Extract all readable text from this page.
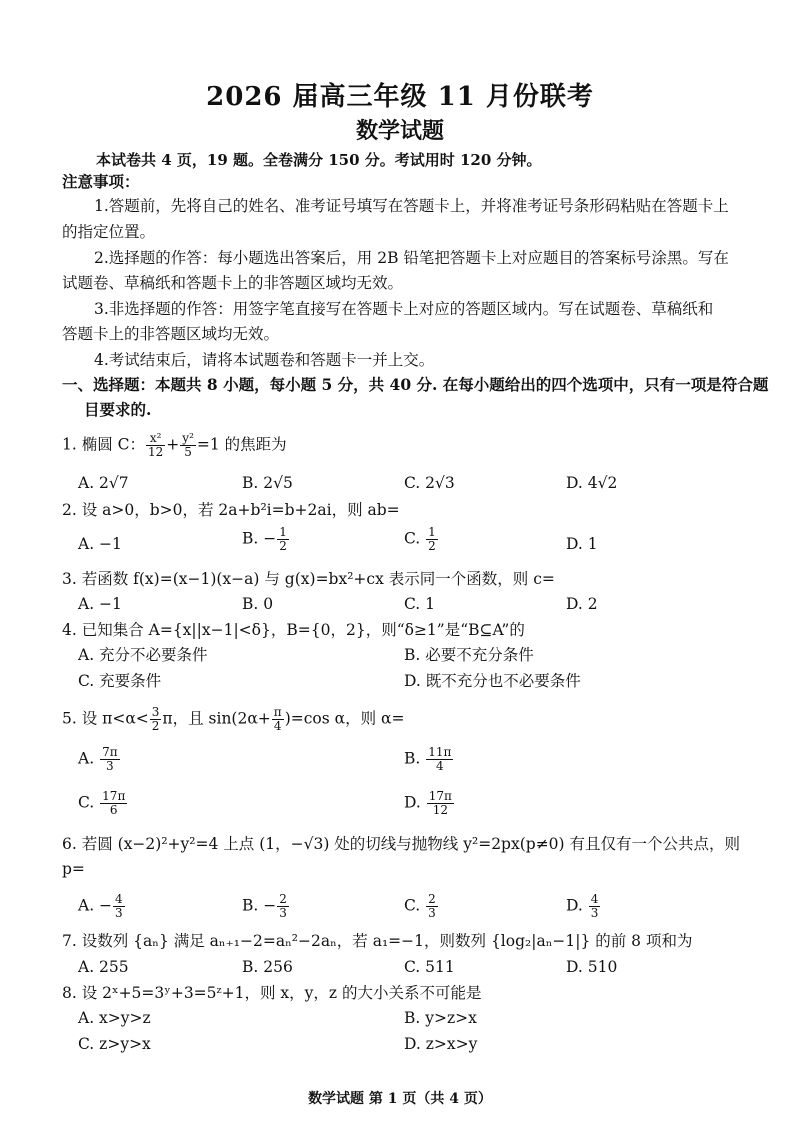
2026 届高三年级 11 月份联考
数学试题
本试卷共 4 页，19 题。全卷满分 150 分。考试用时 120 分钟。
注意事项：
1.答题前，先将自己的姓名、准考证号填写在答题卡上，并将准考证号条形码粘贴在答题卡上
的指定位置。
2.选择题的作答：每小题选出答案后，用 2B 铅笔把答题卡上对应题目的答案标号涂黑。写在
试题卷、草稿纸和答题卡上的非答题区域均无效。
3.非选择题的作答：用签字笔直接写在答题卡上对应的答题区域内。写在试题卷、草稿纸和
答题卡上的非答题区域均无效。
4.考试结束后，请将本试题卷和答题卡一并上交。
一、选择题：本题共 8 小题，每小题 5 分，共 40 分. 在每小题给出的四个选项中，只有一项是符合题
目要求的.
1. 椭圆 C： $\frac{\text{x²}}{12} + \frac{\text{y²}}{5} =1$ 的焦距为
A. 2√7	B. 2√5	C. 2√3	D. 4√2
2. 设 a>0，b>0，若 2a+b²i=b+2ai，则 ab=
A. −1	B. − $\frac{1}{2}$	C. $\frac{1}{2}$	D. 1
3. 若函数 f(x)=(x−1)(x−a) 与 g(x)=bx²+cx 表示同一个函数，则 c=
A. −1	B. 0	C. 1	D. 2
4. 已知集合 A={x||x−1|<δ}，B={0，2}，则“δ≥1”是“B⊆A”的
A. 充分不必要条件	B. 必要不充分条件
C. 充要条件	D. 既不充分也不必要条件
5. 设 $\pi<\alpha< \frac{3}{2}$ π，且 $\sin(2\alpha+ \frac{\pi}{4} )=\cos$ α，则 α=
A. $\frac{7\pi}{3}$	B. $\frac{11\pi}{4}$
C. $\frac{17\pi}{6}$	D. $\frac{17\pi}{12}$
6. 若圆 (x−2)²+y²=4 上点 (1，−√3) 处的切线与抛物线 y²=2px(p≠0) 有且仅有一个公共点，则
p=
A. − $\frac{4}{3}$	B. − $\frac{2}{3}$	C. $\frac{2}{3}$	D. $\frac{4}{3}$
7. 设数列 {aₙ} 满足 aₙ₊₁−2=aₙ²−2aₙ，若 a₁=−1，则数列 {log₂|aₙ−1|} 的前 8 项和为
A. 255	B. 256	C. 511	D. 510
8. 设 2ˣ+5=3ʸ+3=5ᶻ+1，则 x，y，z 的大小关系不可能是
A. x>y>z	B. y>z>x
C. z>y>x	D. z>x>y
数学试题 第 1 页（共 4 页）
